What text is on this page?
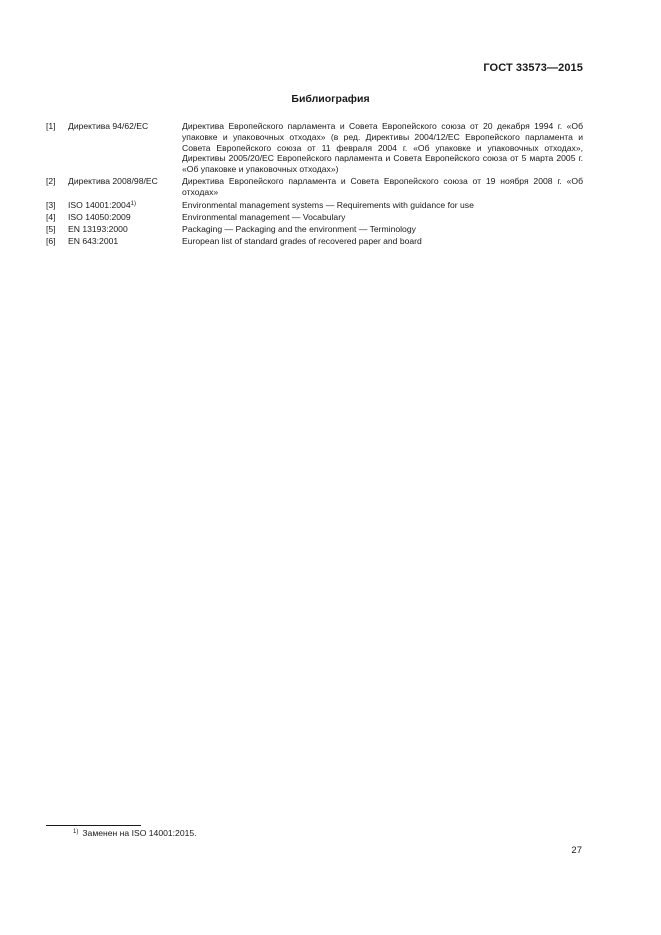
ГОСТ 33573—2015
Библиография
[1]	Директива 94/62/ЕС	Директива Европейского парламента и Совета Европейского союза от 20 декабря 1994 г. «Об упаковке и упаковочных отходах» (в ред. Директивы 2004/12/ЕС Европейского парламента и Совета Европейского союза от 11 февраля 2004 г. «Об упаковке и упаковочных отходах», Директивы 2005/20/ЕС Европейского парламента и Совета Европейского союза от 5 марта 2005 г. «Об упаковке и упаковочных отходах»)
[2]	Директива 2008/98/ЕС	Директива Европейского парламента и Совета Европейского союза от 19 ноября 2008 г. «Об отходах»
[3]	ISO 14001:2004$^{1)}$	Environmental management systems — Requirements with guidance for use
[4]	ISO 14050:2009	Environmental management — Vocabulary
[5]	EN 13193:2000	Packaging — Packaging and the environment — Terminology
[6]	EN 643:2001	European list of standard grades of recovered paper and board
$^{1)}$ Заменен на ISO 14001:2015.
27
